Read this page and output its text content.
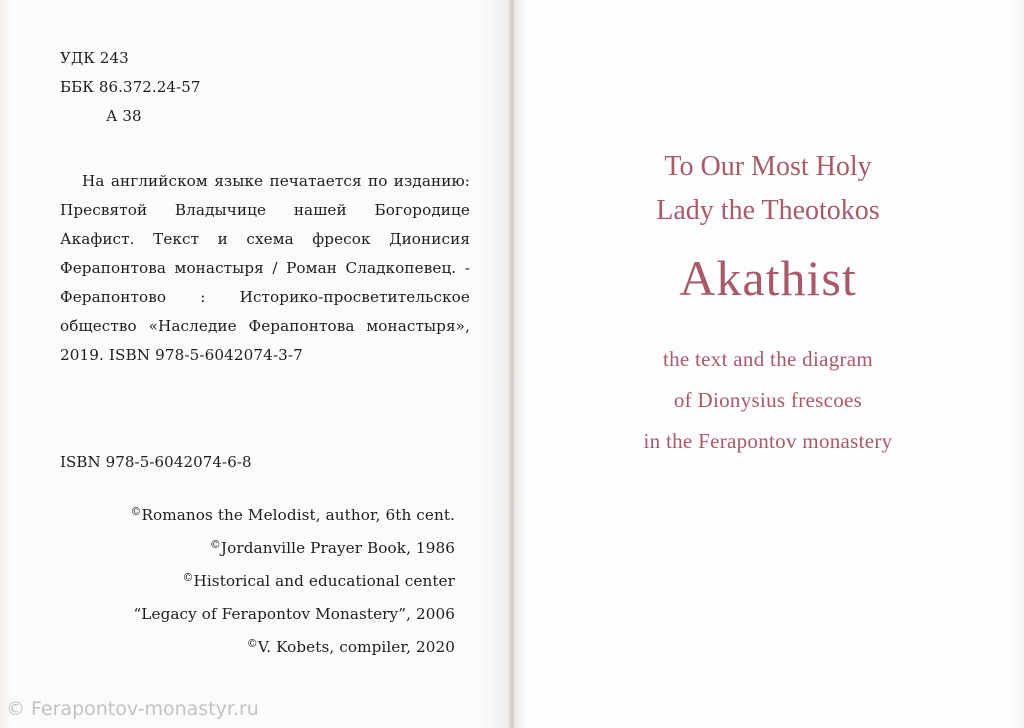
УДК 243
ББК 86.372.24-57
А 38
На английском языке печатается по изданию: Пресвятой Владычице нашей Богородице Акафист. Текст и схема фресок Дионисия Ферапонтова монастыря / Роман Сладкопевец. - Ферапонтово : Историко-просветительское общество «Наследие Ферапонтова монастыря», 2019. ISBN 978-5-6042074-3-7
ISBN 978-5-6042074-6-8
©Romanos the Melodist, author, 6th cent.
©Jordanville Prayer Book, 1986
©Historical and educational center
“Legacy of Ferapontov Monastery”, 2006
©V. Kobets, compiler, 2020
To Our Most Holy
Lady the Theotokos
Akathist
the text and the diagram
of Dionysius frescoes
in the Ferapontov monastery
© Ferapontov-monastyr.ru
